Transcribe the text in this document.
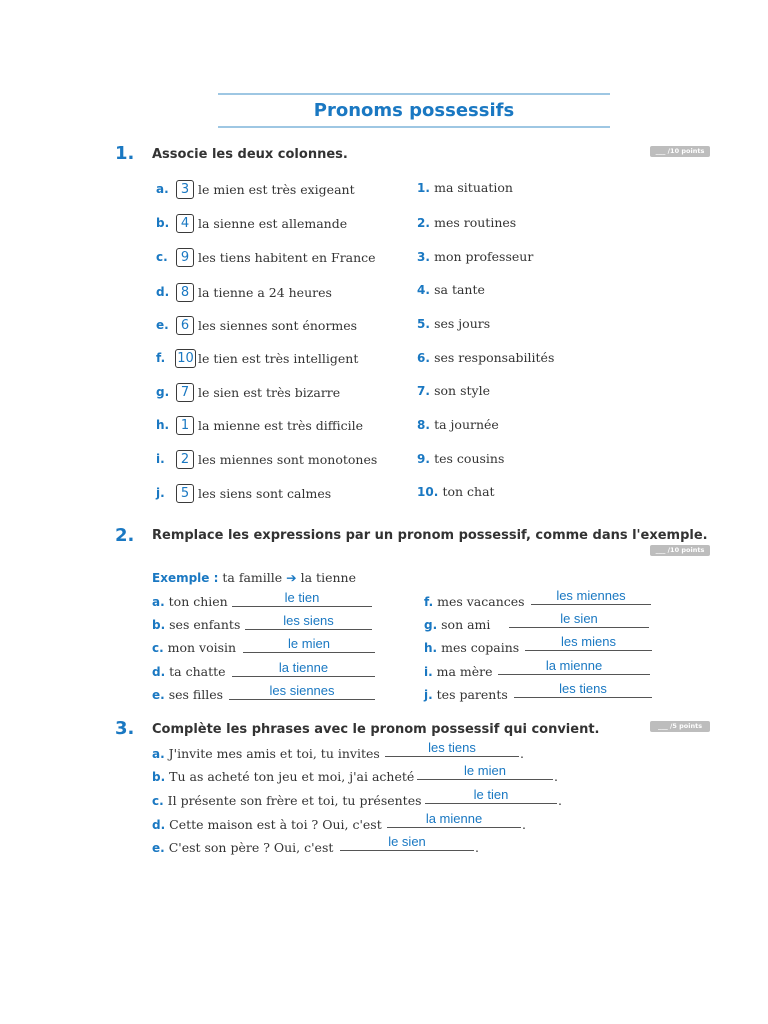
Pronoms possessifs
1. Associe les deux colonnes.	___ /10 points
a. 3 le mien est très exigeant
b. 4 la sienne est allemande
c.	9 les tiens habitent en France
d. 8 la tienne a 24 heures
e. 6 les siennes sont énormes
f. 10 le tien est très intelligent
g. 7 le sien est très bizarre
h. 1 la mienne est très difficile
i.	2 les miennes sont monotones
j.	5 les siens sont calmes
1. ma situation
2. mes routines
3. mon professeur
4. sa tante
5. ses jours
6. ses responsabilités
7. son style
8. ta journée
9. tes cousins
10. ton chat
2. Remplace les expressions par un pronom possessif, comme dans l'exemple.
___ /10 points
Exemple : ta famille ➔ la tienne
a. ton chien	le tien
b. ses enfants	les siens
c. mon voisin	le mien
d. ta chatte	la tienne
e. ses filles	les siennes
f. mes vacances	les miennes
g. son ami	le sien
h. mes copains	les miens
i. ma mère	la mienne
j. tes parents	les tiens
3. Complète les phrases avec le pronom possessif qui convient.	___ /5 points
a. J'invite mes amis et toi, tu invites	les tiens	.
b. Tu as acheté ton jeu et moi, j'ai acheté	le mien	.
c. Il présente son frère et toi, tu présentes	le tien	.
d. Cette maison est à toi ? Oui, c'est	la mienne	.
e. C'est son père ? Oui, c'est	le sien	.
